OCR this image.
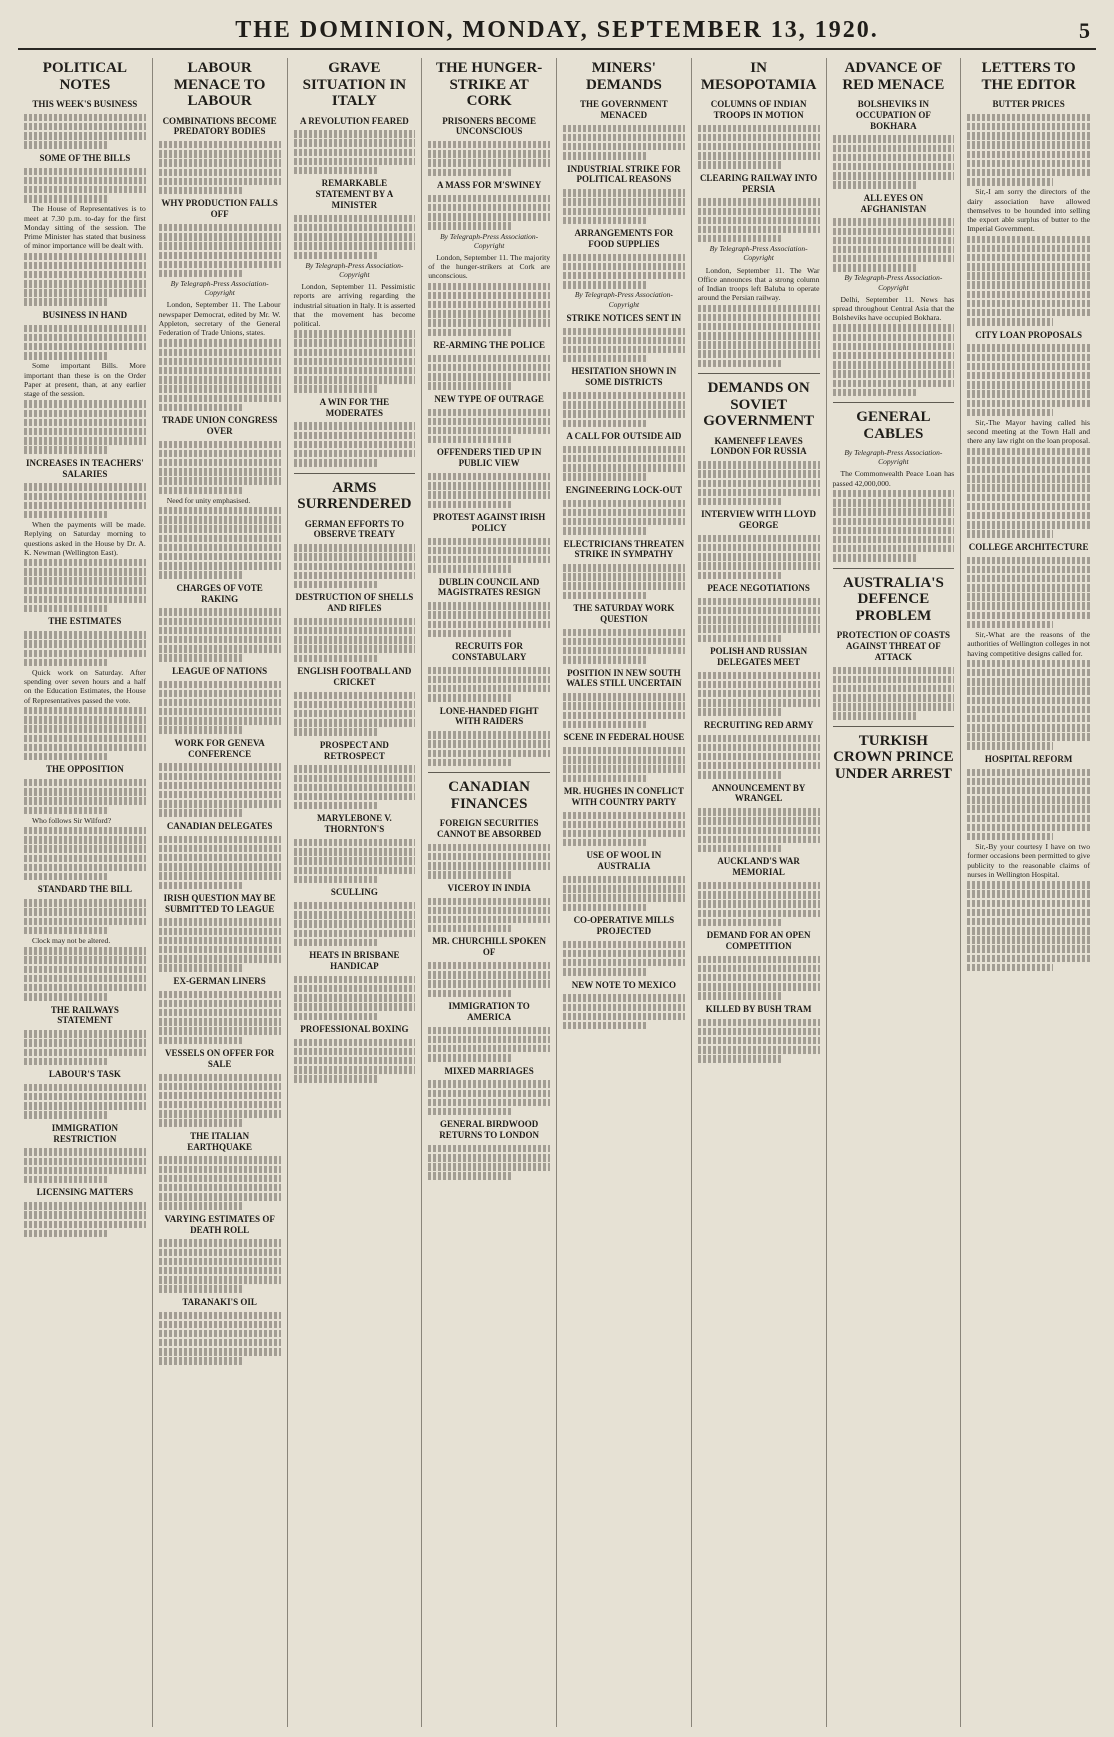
THE DOMINION, MONDAY, SEPTEMBER 13, 1920.	5
POLITICAL NOTES
THIS WEEK'S BUSINESS
SOME OF THE BILLS

The House of Representatives is to meet at 7.30 p.m. to-day for the first Monday sitting of the session. The Prime Minister has stated that business of minor importance will be dealt with.

BUSINESS IN HAND

Some important Bills. More important than these is on the Order Paper at present, than, at any earlier stage of the session.

INCREASES IN TEACHERS' SALARIES

When the payments will be made. Replying on Saturday morning to questions asked in the House by Dr. A. K. Newman (Wellington East).

THE ESTIMATES

Quick work on Saturday. After spending over seven hours and a half on the Education Estimates, the House of Representatives passed the vote.

THE OPPOSITION

Who follows Sir Wilford?

STANDARD THE BILL

Clock may not be altered.

THE RAILWAYS STATEMENT
LABOUR'S TASK
IMMIGRATION RESTRICTION
LICENSING MATTERS
LABOUR MENACE TO LABOUR
COMBINATIONS BECOME PREDATORY BODIES
WHY PRODUCTION FALLS OFF
By Telegraph-Press Association-Copyright

London, September 11. The Labour newspaper Democrat, edited by Mr. W. Appleton, secretary of the General Federation of Trade Unions, states.

TRADE UNION CONGRESS OVER

Need for unity emphasised.

CHARGES OF VOTE RAKING
LEAGUE OF NATIONS
WORK FOR GENEVA CONFERENCE
CANADIAN DELEGATES
IRISH QUESTION MAY BE SUBMITTED TO LEAGUE
EX-GERMAN LINERS
VESSELS ON OFFER FOR SALE
THE ITALIAN EARTHQUAKE
VARYING ESTIMATES OF DEATH ROLL
TARANAKI'S OIL
GRAVE SITUATION IN ITALY
A REVOLUTION FEARED
REMARKABLE STATEMENT BY A MINISTER
By Telegraph-Press Association-Copyright

London, September 11. Pessimistic reports are arriving regarding the industrial situation in Italy. It is asserted that the movement has become political.

A WIN FOR THE MODERATES
ARMS SURRENDERED
GERMAN EFFORTS TO OBSERVE TREATY
DESTRUCTION OF SHELLS AND RIFLES
ENGLISH FOOTBALL AND CRICKET
PROSPECT AND RETROSPECT
MARYLEBONE V. THORNTON'S
SCULLING
HEATS IN BRISBANE HANDICAP
PROFESSIONAL BOXING
THE HUNGER-STRIKE AT CORK
PRISONERS BECOME UNCONSCIOUS
A MASS FOR M'SWINEY
By Telegraph-Press Association-Copyright

London, September 11. The majority of the hunger-strikers at Cork are unconscious.

RE-ARMING THE POLICE
NEW TYPE OF OUTRAGE
OFFENDERS TIED UP IN PUBLIC VIEW
PROTEST AGAINST IRISH POLICY
DUBLIN COUNCIL AND MAGISTRATES RESIGN
RECRUITS FOR CONSTABULARY
LONE-HANDED FIGHT WITH RAIDERS
CANADIAN FINANCES
FOREIGN SECURITIES CANNOT BE ABSORBED
VICEROY IN INDIA
MR. CHURCHILL SPOKEN OF
IMMIGRATION TO AMERICA
MIXED MARRIAGES
GENERAL BIRDWOOD RETURNS TO LONDON
MINERS' DEMANDS
THE GOVERNMENT MENACED
INDUSTRIAL STRIKE FOR POLITICAL REASONS
ARRANGEMENTS FOR FOOD SUPPLIES
By Telegraph-Press Association-Copyright
STRIKE NOTICES SENT IN
HESITATION SHOWN IN SOME DISTRICTS
A CALL FOR OUTSIDE AID
ENGINEERING LOCK-OUT
ELECTRICIANS THREATEN STRIKE IN SYMPATHY
THE SATURDAY WORK QUESTION
POSITION IN NEW SOUTH WALES STILL UNCERTAIN
SCENE IN FEDERAL HOUSE
MR. HUGHES IN CONFLICT WITH COUNTRY PARTY
USE OF WOOL IN AUSTRALIA
CO-OPERATIVE MILLS PROJECTED
NEW NOTE TO MEXICO
IN MESOPOTAMIA
COLUMNS OF INDIAN TROOPS IN MOTION
CLEARING RAILWAY INTO PERSIA
By Telegraph-Press Association-Copyright

London, September 11. The War Office announces that a strong column of Indian troops left Baluba to operate around the Persian railway.

DEMANDS ON SOVIET GOVERNMENT
KAMENEFF LEAVES LONDON FOR RUSSIA
INTERVIEW WITH LLOYD GEORGE
PEACE NEGOTIATIONS
POLISH AND RUSSIAN DELEGATES MEET
RECRUITING RED ARMY
ANNOUNCEMENT BY WRANGEL
AUCKLAND'S WAR MEMORIAL
DEMAND FOR AN OPEN COMPETITION
KILLED BY BUSH TRAM
ADVANCE OF RED MENACE
BOLSHEVIKS IN OCCUPATION OF BOKHARA
ALL EYES ON AFGHANISTAN
By Telegraph-Press Association-Copyright

Delhi, September 11. News has spread throughout Central Asia that the Bolsheviks have occupied Bokhara.

GENERAL CABLES
By Telegraph-Press Association-Copyright

The Commonwealth Peace Loan has passed 42,000,000.

AUSTRALIA'S DEFENCE PROBLEM
PROTECTION OF COASTS AGAINST THREAT OF ATTACK
TURKISH CROWN PRINCE UNDER ARREST
LETTERS TO THE EDITOR
BUTTER PRICES

Sir,-I am sorry the directors of the dairy association have allowed themselves to be hounded into selling the export able surplus of butter to the Imperial Government.

CITY LOAN PROPOSALS

Sir,-The Mayor having called his second meeting at the Town Hall and there any law right on the loan proposal.

COLLEGE ARCHITECTURE

Sir,-What are the reasons of the authorities of Wellington colleges in not having competitive designs called for.

HOSPITAL REFORM

Sir,-By your courtesy I have on two former occasions been permitted to give publicity to the reasonable claims of nurses in Wellington Hospital.
